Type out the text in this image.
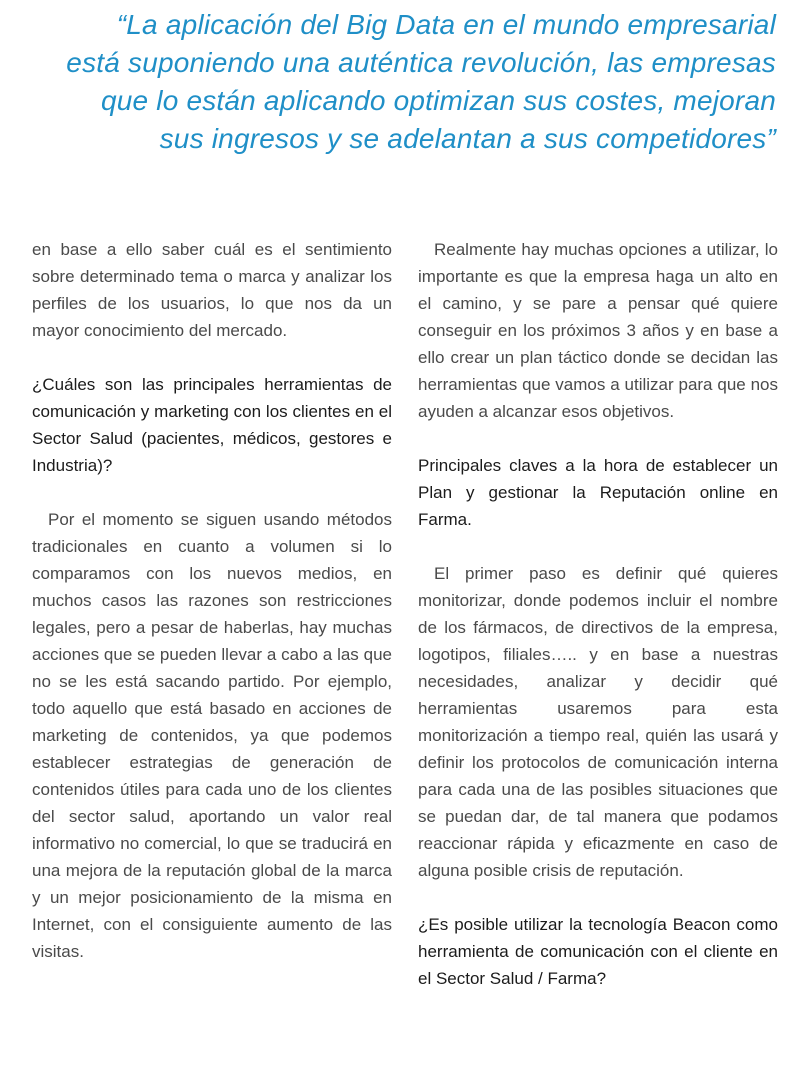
“La aplicación del Big Data en el mundo empresarial
está suponiendo una auténtica revolución, las empresas
que lo están aplicando optimizan sus costes, mejoran
sus ingresos y se adelantan a sus competidores”

en base a ello saber cuál es el sentimiento sobre determinado tema o marca y analizar los perfiles de los usuarios, lo que nos da un mayor conocimiento del mercado.

¿Cuáles son las principales herramientas de comunicación y marketing con los clientes en el Sector Salud (pacientes, médicos, gestores e Industria)?

Por el momento se siguen usando métodos tradicionales en cuanto a volumen si lo comparamos con los nuevos medios, en muchos casos las razones son restricciones legales, pero a pesar de haberlas, hay muchas acciones que se pueden llevar a cabo a las que no se les está sacando partido. Por ejemplo, todo aquello que está basado en acciones de marketing de contenidos, ya que podemos establecer estrategias de generación de contenidos útiles para cada uno de los clientes del sector salud, aportando un valor real informativo no comercial, lo que se traducirá en una mejora de la reputación global de la marca y un mejor posicionamiento de la misma en Internet, con el consiguiente aumento de las visitas.

Realmente hay muchas opciones a utilizar, lo importante es que la empresa haga un alto en el camino, y se pare a pensar qué quiere conseguir en los próximos 3 años y en base a ello crear un plan táctico donde se decidan las herramientas que vamos a utilizar para que nos ayuden a alcanzar esos objetivos.

Principales claves a la hora de establecer un Plan y gestionar la Reputación online en Farma.

El primer paso es definir qué quieres monitorizar, donde podemos incluir el nombre de los fármacos, de directivos de la empresa, logotipos, filiales….. y en base a nuestras necesidades, analizar y decidir qué herramientas usaremos para esta monitorización a tiempo real, quién las usará y definir los protocolos de comunicación interna para cada una de las posibles situaciones que se puedan dar, de tal manera que podamos reaccionar rápida y eficazmente en caso de alguna posible crisis de reputación.

¿Es posible utilizar la tecnología Beacon como herramienta de comunicación con el cliente en el Sector Salud / Farma?
